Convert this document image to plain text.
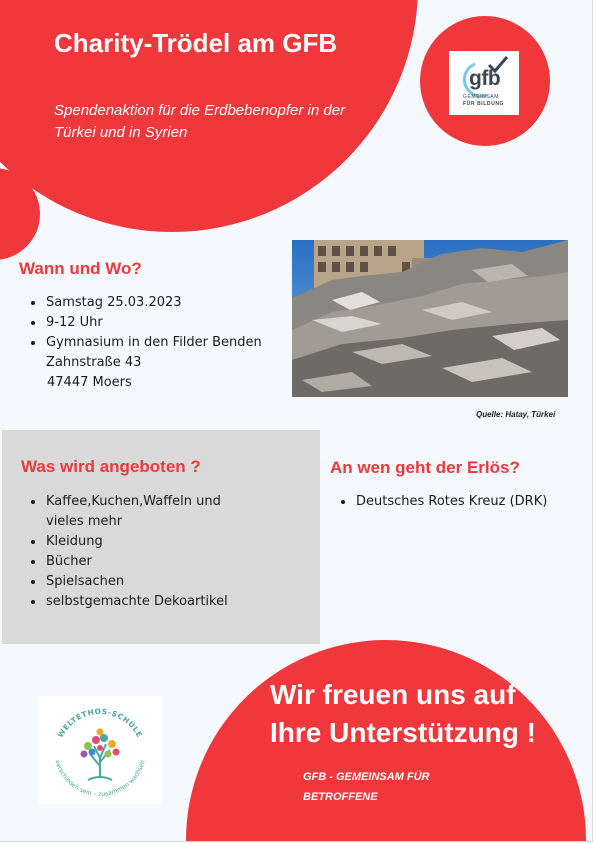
Charity-Trödel am GFB

Spendenaktion für die Erdbebenopfer in der Türkei und in Syrien

gfb
GEMEINSAM
FÜR BILDUNG
Wann und Wo?
Samstag 25.03.2023
9-12 Uhr
Gymnasium in den Filder Benden
Zahnstraße 43
47447 Moers

Quelle: Hatay, Türkei

Was wird angeboten ?
Kaffee,Kuchen,Waffeln und vieles mehr
Kleidung
Bücher
Spielsachen
selbstgemachte Dekoartikel
An wen geht der Erlös?
Deutsches Rotes Kreuz (DRK)
WELTETHOS-SCHULE
verschieden sein – zusammen wachsen

Wir freuen uns auf
Ihre Unterstützung !

GFB - GEMEINSAM FÜR
BETROFFENE
